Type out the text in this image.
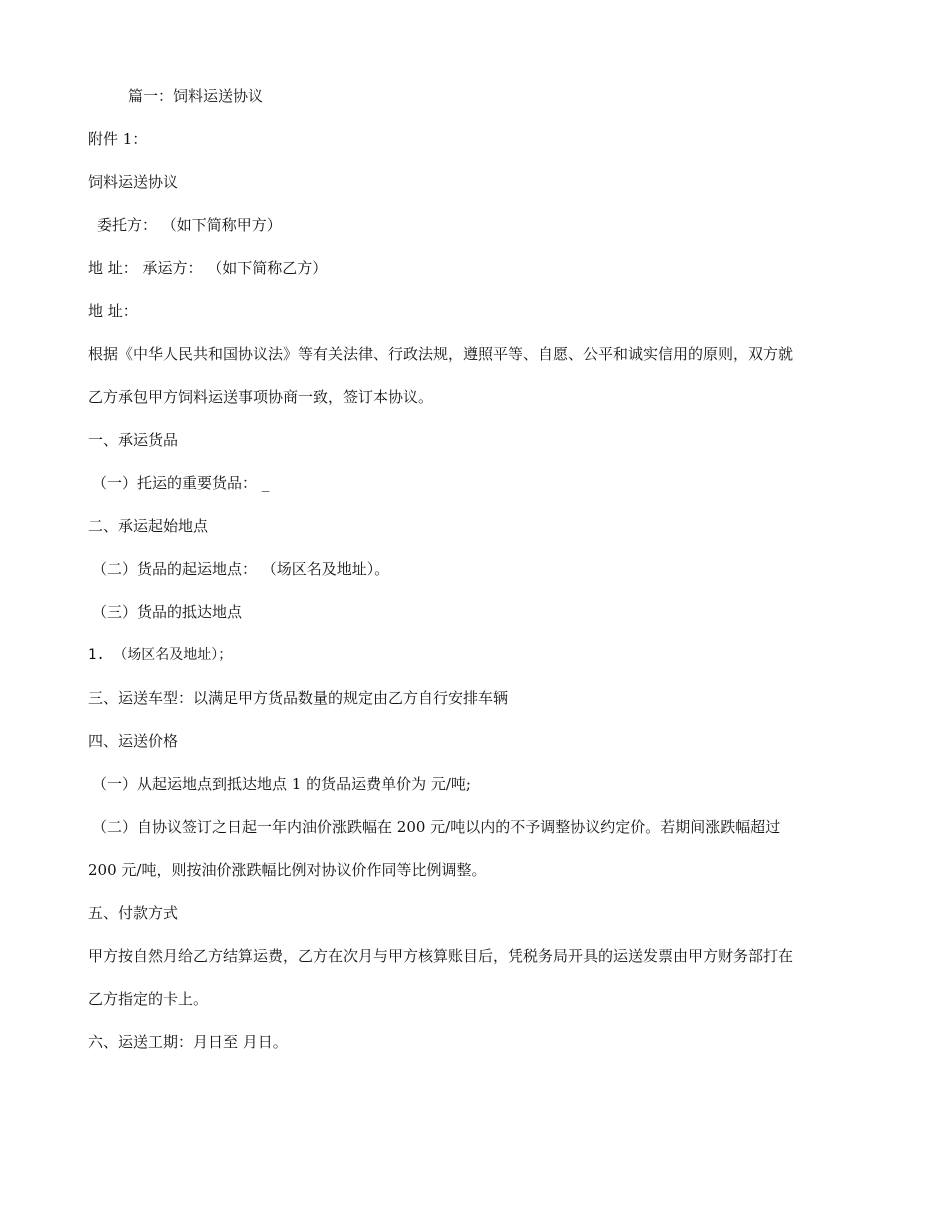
篇一：饲料运送协议
附件 1：
饲料运送协议
委托方： （如下简称甲方）
地 址： 承运方： （如下简称乙方）
地 址：
根据《中华人民共和国协议法》等有关法律、行政法规，遵照平等、自愿、公平和诚实信用的原则，双方就
乙方承包甲方饲料运送事项协商一致，签订本协议。
一、承运货品
（一）托运的重要货品： _
二、承运起始地点
（二）货品的起运地点： （场区名及地址）。
（三）货品的抵达地点
1. （场区名及地址）；
三、运送车型：以满足甲方货品数量的规定由乙方自行安排车辆
四、运送价格
（一）从起运地点到抵达地点 1 的货品运费单价为 元/吨;
（二）自协议签订之日起一年内油价涨跌幅在 200 元/吨以内的不予调整协议约定价。若期间涨跌幅超过
200 元/吨，则按油价涨跌幅比例对协议价作同等比例调整。
五、付款方式
甲方按自然月给乙方结算运费，乙方在次月与甲方核算账目后，凭税务局开具的运送发票由甲方财务部打在
乙方指定的卡上。
六、运送工期：月日至 月日。
